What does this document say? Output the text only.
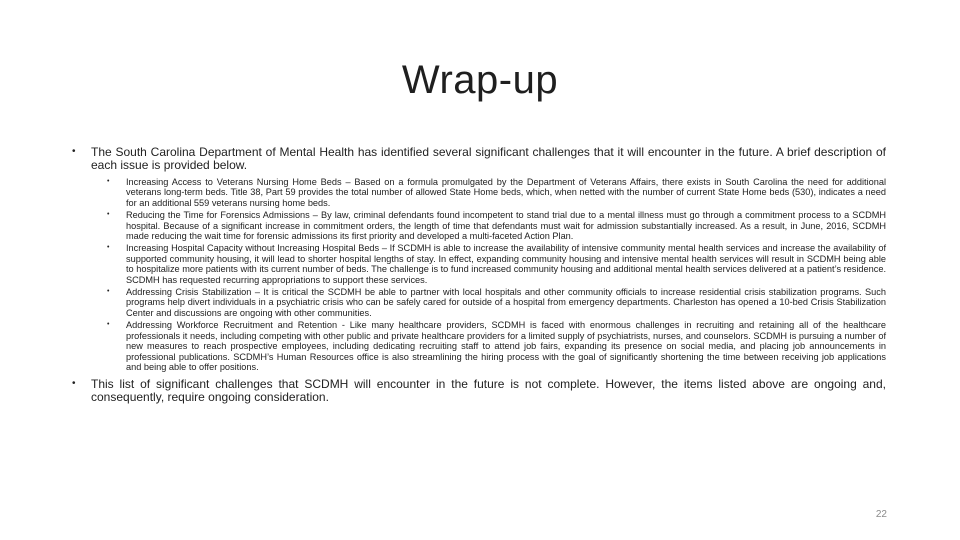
Wrap-up
• The South Carolina Department of Mental Health has identified several significant challenges that it will encounter in the future. A brief description of each issue is provided below.
• Increasing Access to Veterans Nursing Home Beds – Based on a formula promulgated by the Department of Veterans Affairs, there exists in South Carolina the need for additional veterans long-term beds. Title 38, Part 59 provides the total number of allowed State Home beds, which, when netted with the number of current State Home beds (530), indicates a need for an additional 559 veterans nursing home beds.
• Reducing the Time for Forensics Admissions – By law, criminal defendants found incompetent to stand trial due to a mental illness must go through a commitment process to a SCDMH hospital. Because of a significant increase in commitment orders, the length of time that defendants must wait for admission substantially increased. As a result, in June, 2016, SCDMH made reducing the wait time for forensic admissions its first priority and developed a multi-faceted Action Plan.
• Increasing Hospital Capacity without Increasing Hospital Beds – If SCDMH is able to increase the availability of intensive community mental health services and increase the availability of supported community housing, it will lead to shorter hospital lengths of stay. In effect, expanding community housing and intensive mental health services will result in SCDMH being able to hospitalize more patients with its current number of beds. The challenge is to fund increased community housing and additional mental health services delivered at a patient’s residence. SCDMH has requested recurring appropriations to support these services.
• Addressing Crisis Stabilization – It is critical the SCDMH be able to partner with local hospitals and other community officials to increase residential crisis stabilization programs. Such programs help divert individuals in a psychiatric crisis who can be safely cared for outside of a hospital from emergency departments. Charleston has opened a 10-bed Crisis Stabilization Center and discussions are ongoing with other communities.
• Addressing Workforce Recruitment and Retention - Like many healthcare providers, SCDMH is faced with enormous challenges in recruiting and retaining all of the healthcare professionals it needs, including competing with other public and private healthcare providers for a limited supply of psychiatrists, nurses, and counselors. SCDMH is pursuing a number of new measures to reach prospective employees, including dedicating recruiting staff to attend job fairs, expanding its presence on social media, and placing job announcements in professional publications. SCDMH’s Human Resources office is also streamlining the hiring process with the goal of significantly shortening the time between receiving job applications and being able to offer positions.
• This list of significant challenges that SCDMH will encounter in the future is not complete. However, the items listed above are ongoing and, consequently, require ongoing consideration.
22
